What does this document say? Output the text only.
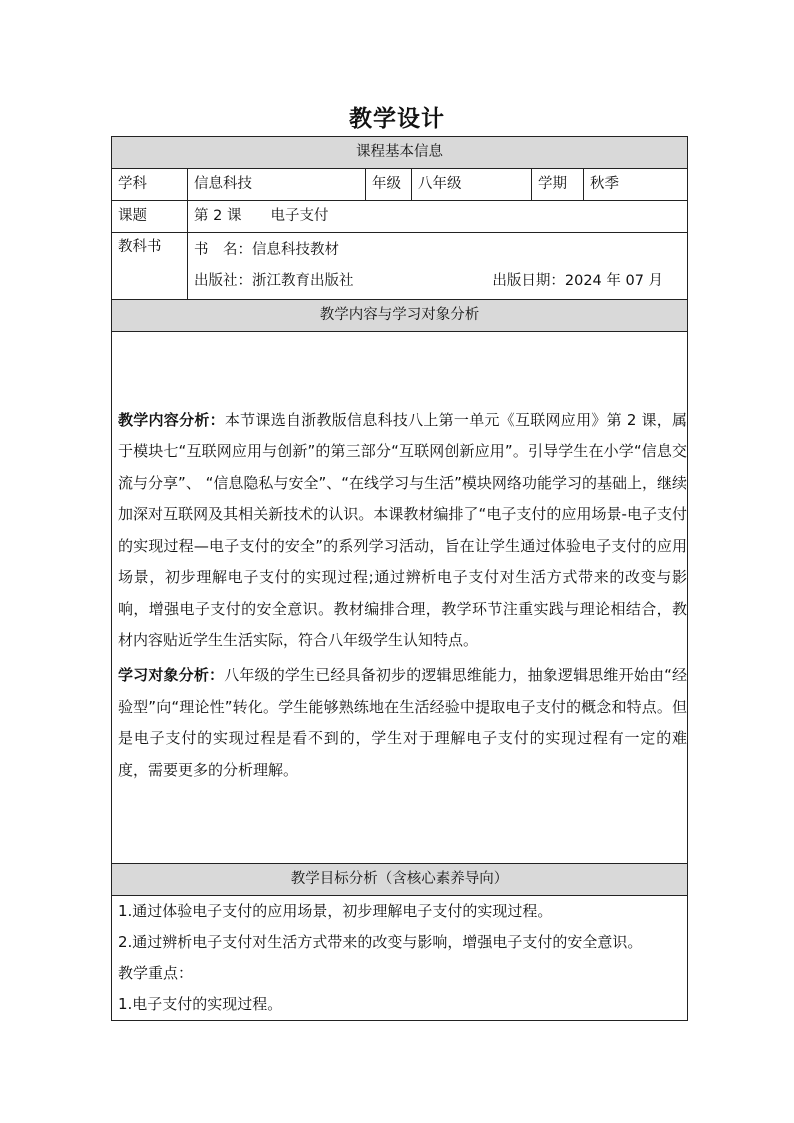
教学设计
课程基本信息					
学科	信息科技	年级	八年级	学期	秋季
课题	第 2 课　　电子支付				
教科书	书　名：信息科技教材
出版社：浙江教育出版社 出版日期：2024 年 07 月				

教学内容与学习对象分析					

教学内容分析：本节课选自浙教版信息科技八上第一单元《互联网应用》第 2 课，属于模块七“互联网应用与创新”的第三部分“互联网创新应用”。引导学生在小学“信息交流与分享”、 “信息隐私与安全”、“在线学习与生活”模块网络功能学习的基础上，继续加深对互联网及其相关新技术的认识。本课教材编排了“电子支付的应用场景-电子支付的实现过程—电子支付的安全”的系列学习活动，旨在让学生通过体验电子支付的应用场景，初步理解电子支付的实现过程;通过辨析电子支付对生活方式带来的改变与影响，增强电子支付的安全意识。教材编排合理，教学环节注重实践与理论相结合，教材内容贴近学生生活实际，符合八年级学生认知特点。

学习对象分析：八年级的学生已经具备初步的逻辑思维能力，抽象逻辑思维开始由“经验型”向“理论性”转化。学生能够熟练地在生活经验中提取电子支付的概念和特点。但是电子支付的实现过程是看不到的，学生对于理解电子支付的实现过程有一定的难度，需要更多的分析理解。					

教学目标分析（含核心素养导向）					

1.通过体验电子支付的应用场景，初步理解电子支付的实现过程。
2.通过辨析电子支付对生活方式带来的改变与影响，增强电子支付的安全意识。
教学重点：
1.电子支付的实现过程。					
